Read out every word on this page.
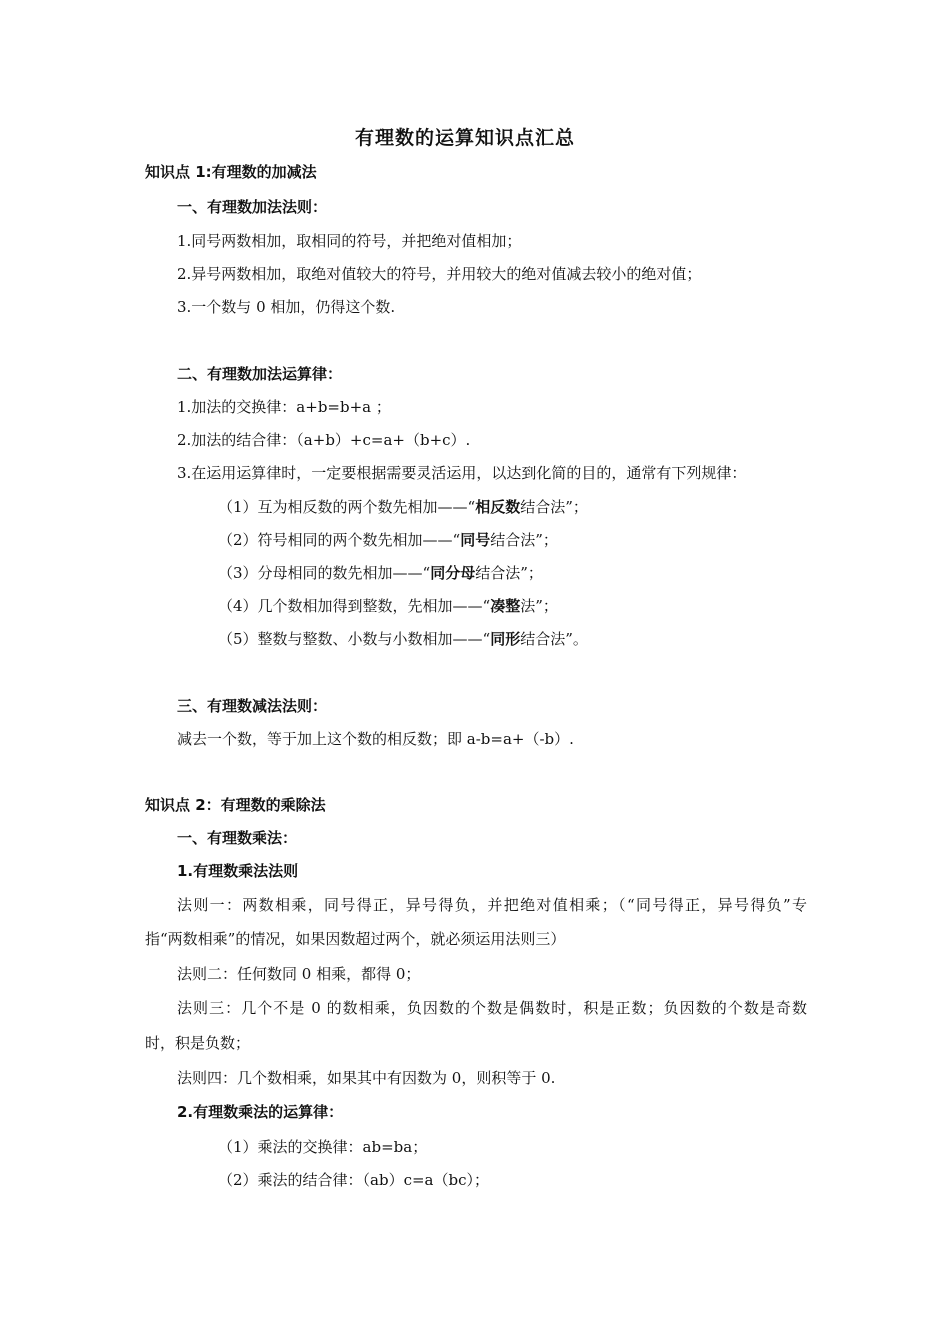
有理数的运算知识点汇总
知识点 1:有理数的加减法
一、有理数加法法则：
1.同号两数相加，取相同的符号，并把绝对值相加；
2.异号两数相加，取绝对值较大的符号，并用较大的绝对值减去较小的绝对值；
3.一个数与 0 相加，仍得这个数.
二、有理数加法运算律：
1.加法的交换律：a+b=b+a ；
2.加法的结合律：（a+b）+c=a+（b+c）.
3.在运用运算律时，一定要根据需要灵活运用，以达到化简的目的，通常有下列规律：
（1）互为相反数的两个数先相加——“相反数结合法”；
（2）符号相同的两个数先相加——“同号结合法”；
（3）分母相同的数先相加——“同分母结合法”；
（4）几个数相加得到整数，先相加——“凑整法”；
（5）整数与整数、小数与小数相加——“同形结合法”。
三、有理数减法法则：
减去一个数，等于加上这个数的相反数；即 a-b=a+（-b）.
知识点 2：有理数的乘除法
一、有理数乘法：
1.有理数乘法法则
法则一：两数相乘，同号得正，异号得负，并把绝对值相乘；（“同号得正，异号得负”专
指“两数相乘”的情况，如果因数超过两个，就必须运用法则三）
法则二：任何数同 0 相乘，都得 0；
法则三：几个不是 0 的数相乘，负因数的个数是偶数时，积是正数；负因数的个数是奇数
时，积是负数；
法则四：几个数相乘，如果其中有因数为 0，则积等于 0.
2.有理数乘法的运算律：
（1）乘法的交换律：ab=ba；
（2）乘法的结合律：（ab）c=a（bc）；
